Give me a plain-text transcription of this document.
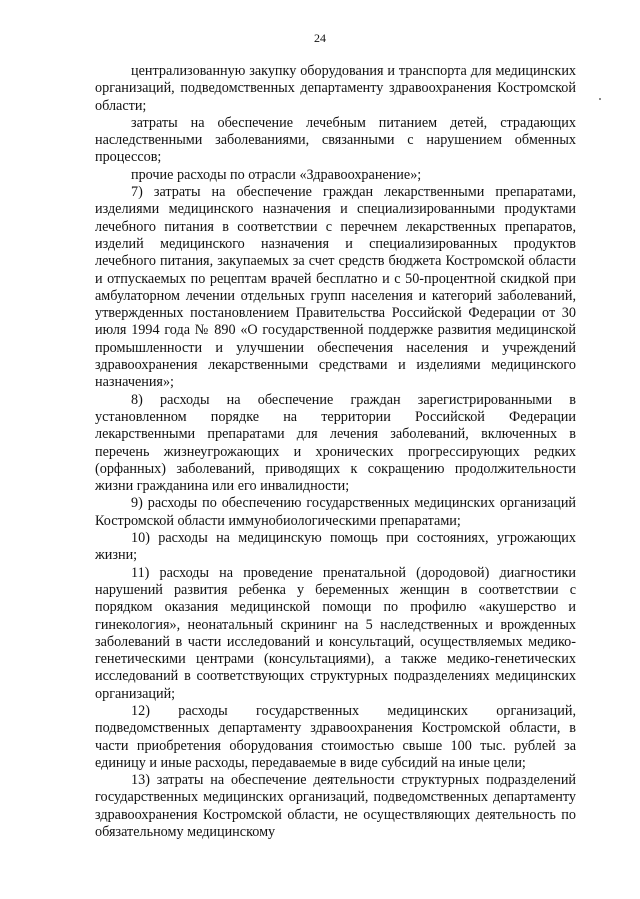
24

централизованную закупку оборудования и транспорта для медицинских организаций, подведомственных департаменту здравоохранения Костромской области;

затраты на обеспечение лечебным питанием детей, страдающих наследственными заболеваниями, связанными с нарушением обменных процессов;

прочие расходы по отрасли «Здравоохранение»;

7) затраты на обеспечение граждан лекарственными препаратами, изделиями медицинского назначения и специализированными продуктами лечебного питания в соответствии с перечнем лекарственных препаратов, изделий медицинского назначения и специализированных продуктов лечебного питания, закупаемых за счет средств бюджета Костромской области и отпускаемых по рецептам врачей бесплатно и с 50-процентной скидкой при амбулаторном лечении отдельных групп населения и категорий заболеваний, утвержденных постановлением Правительства Российской Федерации от 30 июля 1994 года № 890 «О государственной поддержке развития медицинской промышленности и улучшении обеспечения населения и учреждений здравоохранения лекарственными средствами и изделиями медицинского назначения»;

8) расходы на обеспечение граждан зарегистрированными в установленном порядке на территории Российской Федерации лекарственными препаратами для лечения заболеваний, включенных в перечень жизнеугрожающих и хронических прогрессирующих редких (орфанных) заболеваний, приводящих к сокращению продолжительности жизни гражданина или его инвалидности;

9) расходы по обеспечению государственных медицинских организаций Костромской области иммунобиологическими препаратами;

10) расходы на медицинскую помощь при состояниях, угрожающих жизни;

11) расходы на проведение пренатальной (дородовой) диагностики нарушений развития ребенка у беременных женщин в соответствии с порядком оказания медицинской помощи по профилю «акушерство и гинекология», неонатальный скрининг на 5 наследственных и врожденных заболеваний в части исследований и консультаций, осуществляемых медико-генетическими центрами (консультациями), а также медико-генетических исследований в соответствующих структурных подразделениях медицинских организаций;

12) расходы государственных медицинских организаций, подведомственных департаменту здравоохранения Костромской области, в части приобретения оборудования стоимостью свыше 100 тыс. рублей за единицу и иные расходы, передаваемые в виде субсидий на иные цели;

13) затраты на обеспечение деятельности структурных подразделений государственных медицинских организаций, подведомственных департаменту здравоохранения Костромской области, не осуществляющих деятельность по обязательному медицинскому
